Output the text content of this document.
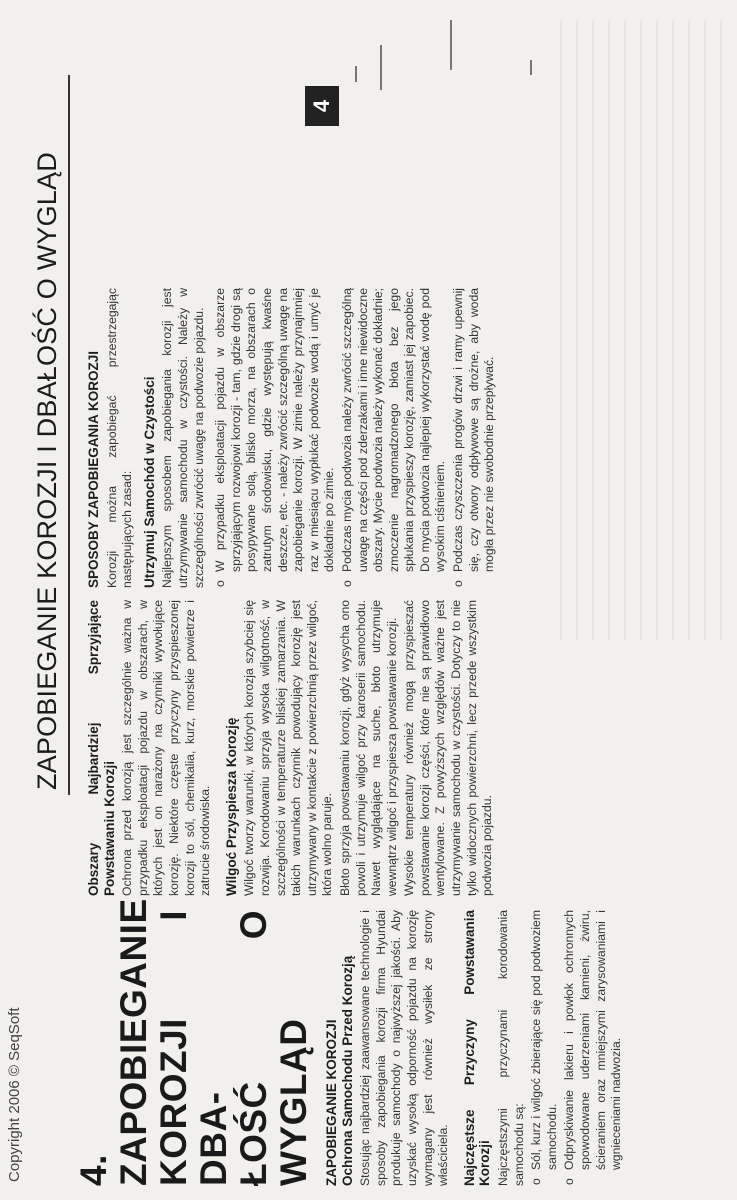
Copyright 2006 © SeqSoft
ZAPOBIEGANIE KOROZJI I DBAŁOŚĆ O WYGLĄD
4
4. ZAPOBIEGANIE KOROZJI I DBA- ŁOŚĆ O WYGLĄD ZAPOBIEGANIE KOROZJI Ochrona Samochodu Przed Korozją Stosując najbardziej zaawansowane technologie i sposoby zapobiegania korozji firma Hyundai produkuje samochody o najwyższej jakości. Aby uzyskać wysoką odporność pojazdu na korozję wymagany jest również wysiłek ze strony właściciela. Najczęstsze Przyczyny Powstawania Korozji Najczęstszymi przyczynami korodowania samochodu są: o
Sól, kurz i wilgoć zbierające się pod podwoziem samochodu.
o
Odpryskiwanie lakieru i powłok ochronnych spowodowane uderzeniami kamieni, żwiru, ścieraniem oraz mniejszymi zarysowaniami i wgnieceniami nadwozia.
Obszary Najbardziej Sprzyjające Powstawaniu Korozji Ochrona przed korozją jest szczególnie ważna w przypadku eksploatacji pojazdu w obszarach, w których jest on narażony na czynniki wywołujące korozję. Niektóre częste przyczyny przyspieszonej korozji to sól, chemikalia, kurz, morskie powietrze i zatrucie środowiska. Wilgoć Przyspiesza Korozję Wilgoć tworzy warunki, w których korozja szybciej się rozwija. Korodowaniu sprzyja wysoka wilgotność, w szczególności w temperaturze bliskiej zamarzania. W takich warunkach czynnik powodujący korozję jest utrzymywany w kontakcie z powierzchnią przez wilgoć, która wolno paruje. Błoto sprzyja powstawaniu korozji, gdyż wysycha ono powoli i utrzymuje wilgoć przy karoserii samochodu. Nawet wyglądające na suche, błoto utrzymuje wewnątrz wilgoć i przyspiesza powstawanie korozji. Wysokie temperatury również mogą przyspieszać powstawanie korozji części, które nie są prawidłowo wentylowane. Z powyższych względów ważne jest utrzymywanie samochodu w czystości. Dotyczy to nie tylko widocznych powierzchni, lecz przede wszystkim podwozia pojazdu.

SPOSOBY ZAPOBIEGANIA KOROZJI Korozji można zapobiegać przestrzegając następujących zasad: Utrzymuj Samochód w Czystości Najlepszym sposobem zapobiegania korozji jest utrzymywanie samochodu w czystości. Należy w szczególności zwrócić uwagę na podwozie pojazdu. o
W przypadku eksploatacji pojazdu w obszarze sprzyjającym rozwojowi korozji - tam, gdzie drogi są posypywane solą, blisko morza, na obszarach o zatrutym środowisku, gdzie występują kwaśne deszcze, etc. - należy zwrócić szczególną uwagę na zapobieganie korozji. W zimie należy przynajmniej raz w miesiącu wypłukać podwozie wodą i umyć je dokładnie po zimie.
o
Podczas mycia podwozia należy zwrócić szczególną uwagę na części pod zderzakami i inne niewidoczne obszary. Mycie podwozia należy wykonać dokładnie; zmoczenie nagromadzonego błota bez jego spłukania przyspieszy korozję, zamiast jej zapobiec. Do mycia podwozia najlepiej wykorzystać wodę pod wysokim ciśnieniem.
o
Podczas czyszczenia progów drzwi i ramy upewnij się, czy otwory odpływowe są drożne, aby woda mogła przez nie swobodnie przepływać.
